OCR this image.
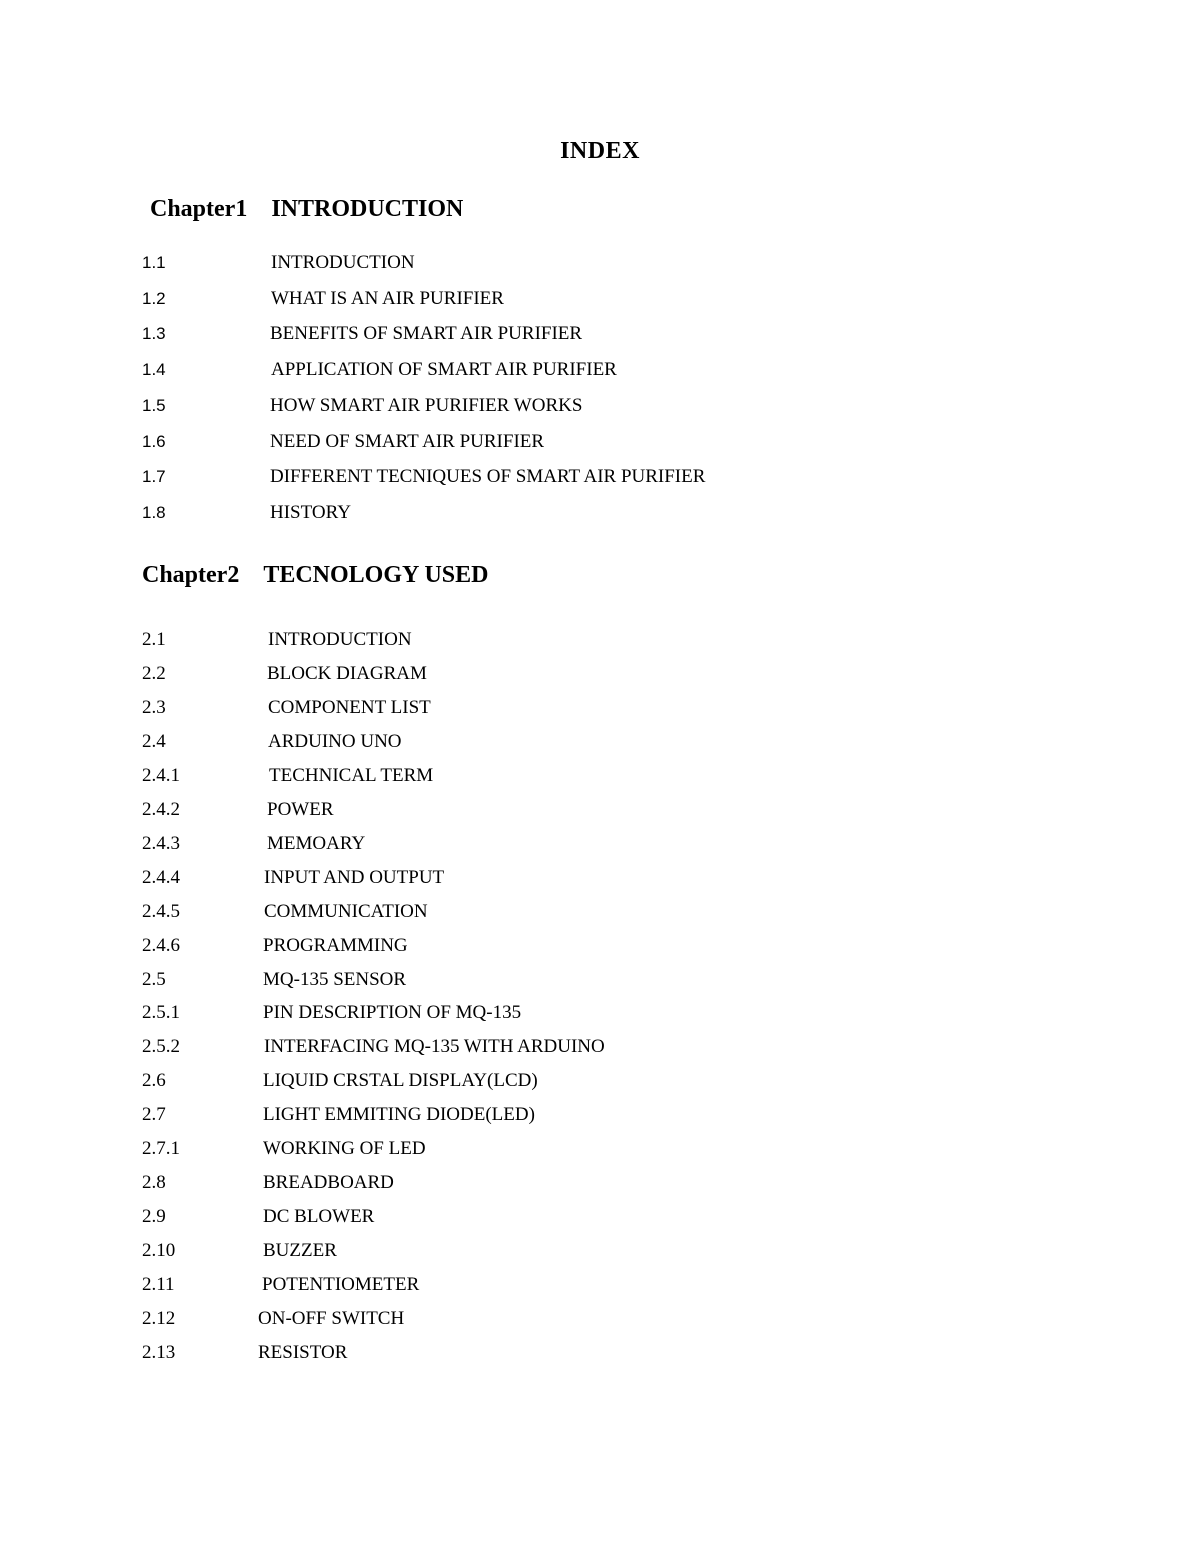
INDEX
Chapter1 INTRODUCTION
Chapter2 TECNOLOGY USED
1.1	INTRODUCTION
1.2	WHAT IS AN AIR PURIFIER
1.3	BENEFITS OF SMART AIR PURIFIER
1.4	APPLICATION OF SMART AIR PURIFIER
1.5	HOW SMART AIR PURIFIER WORKS
1.6	NEED OF SMART AIR PURIFIER
1.7	DIFFERENT TECNIQUES OF SMART AIR PURIFIER
1.8	HISTORY
2.1	INTRODUCTION
2.2	BLOCK DIAGRAM
2.3	COMPONENT LIST
2.4	ARDUINO UNO
2.4.1	TECHNICAL TERM
2.4.2	POWER
2.4.3	MEMOARY
2.4.4	INPUT AND OUTPUT
2.4.5	COMMUNICATION
2.4.6	PROGRAMMING
2.5	MQ-135 SENSOR
2.5.1	PIN DESCRIPTION OF MQ-135
2.5.2	INTERFACING MQ-135 WITH ARDUINO
2.6	LIQUID CRSTAL DISPLAY(LCD)
2.7	LIGHT EMMITING DIODE(LED)
2.7.1	WORKING OF LED
2.8	BREADBOARD
2.9	DC BLOWER
2.10	BUZZER
2.11	POTENTIOMETER
2.12	ON-OFF SWITCH
2.13	RESISTOR
